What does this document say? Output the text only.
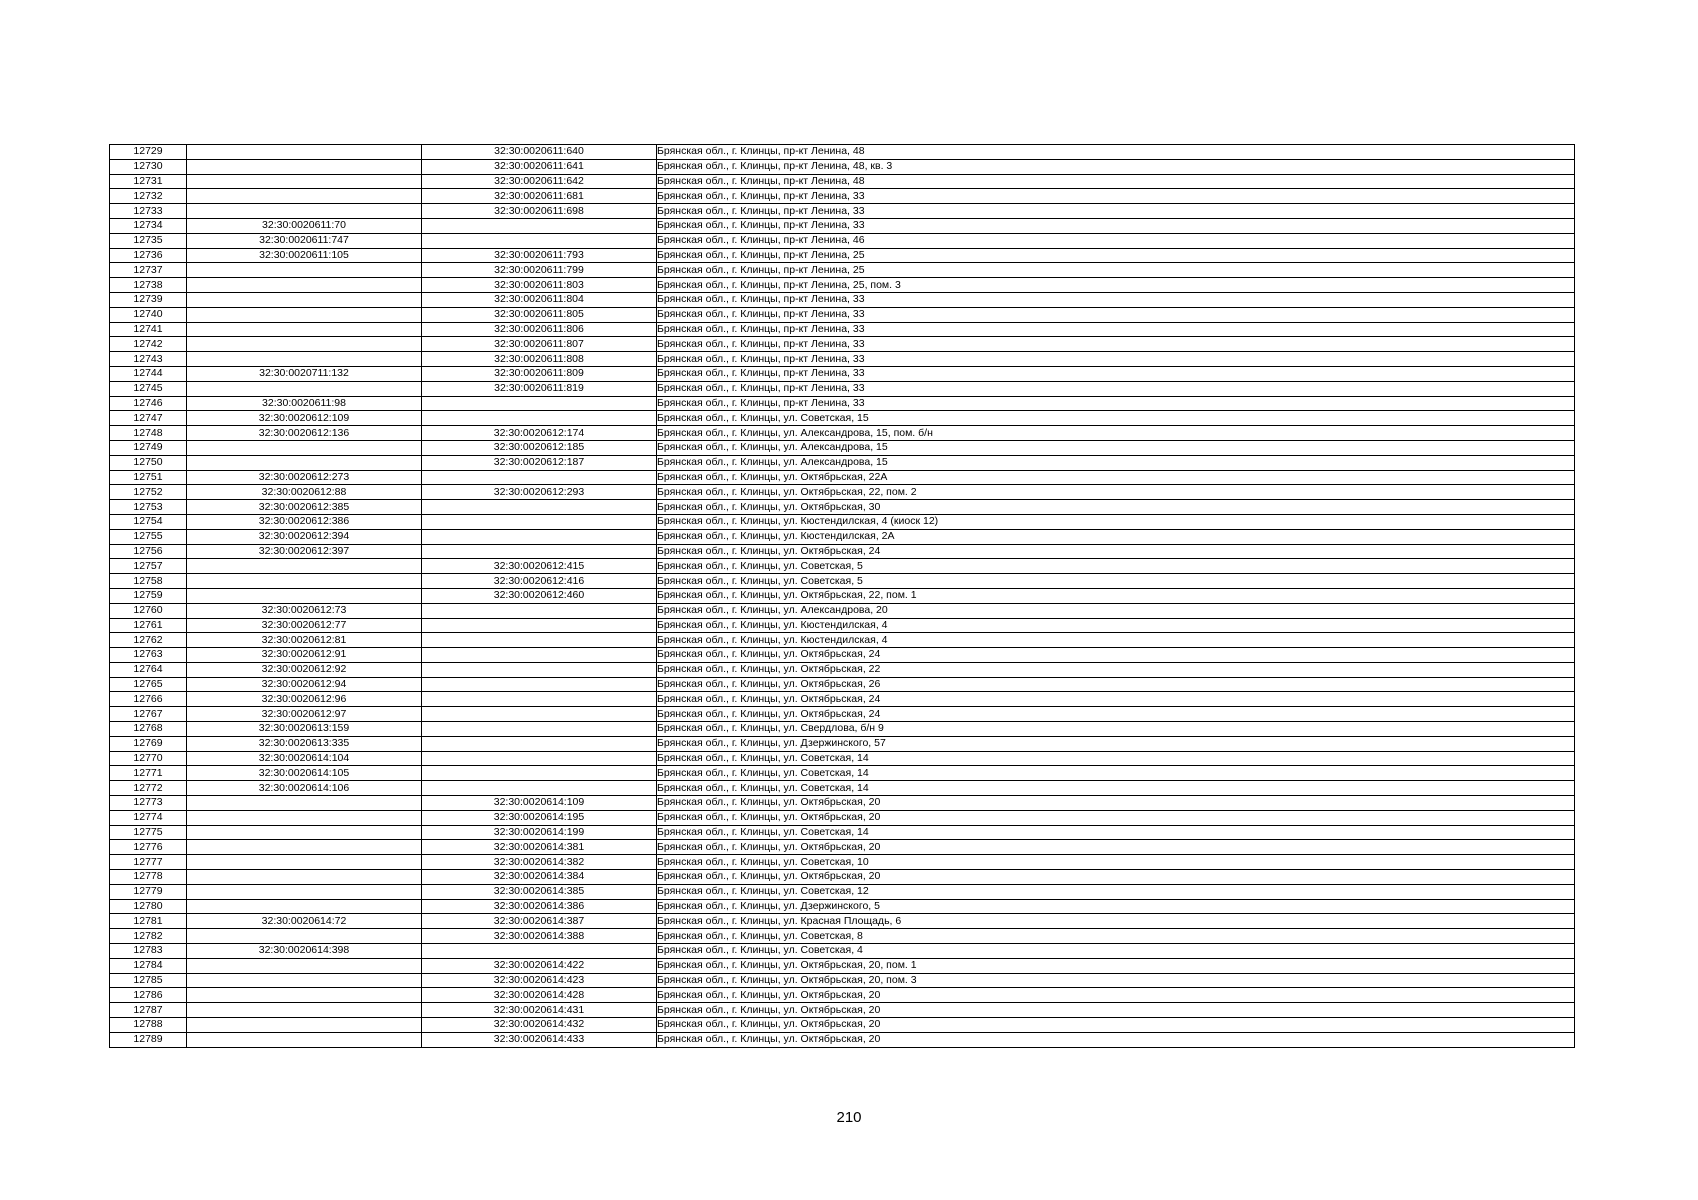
12729		32:30:0020611:640	Брянская обл., г. Клинцы, пр-кт Ленина, 48
12730		32:30:0020611:641	Брянская обл., г. Клинцы, пр-кт Ленина, 48, кв. 3
12731		32:30:0020611:642	Брянская обл., г. Клинцы, пр-кт Ленина, 48
12732		32:30:0020611:681	Брянская обл., г. Клинцы, пр-кт Ленина, 33
12733		32:30:0020611:698	Брянская обл., г. Клинцы, пр-кт Ленина, 33
12734	32:30:0020611:70		Брянская обл., г. Клинцы, пр-кт Ленина, 33
12735	32:30:0020611:747		Брянская обл., г. Клинцы, пр-кт Ленина, 46
12736	32:30:0020611:105	32:30:0020611:793	Брянская обл., г. Клинцы, пр-кт Ленина, 25
12737		32:30:0020611:799	Брянская обл., г. Клинцы, пр-кт Ленина, 25
12738		32:30:0020611:803	Брянская обл., г. Клинцы, пр-кт Ленина, 25, пом. 3
12739		32:30:0020611:804	Брянская обл., г. Клинцы, пр-кт Ленина, 33
12740		32:30:0020611:805	Брянская обл., г. Клинцы, пр-кт Ленина, 33
12741		32:30:0020611:806	Брянская обл., г. Клинцы, пр-кт Ленина, 33
12742		32:30:0020611:807	Брянская обл., г. Клинцы, пр-кт Ленина, 33
12743		32:30:0020611:808	Брянская обл., г. Клинцы, пр-кт Ленина, 33
12744	32:30:0020711:132	32:30:0020611:809	Брянская обл., г. Клинцы, пр-кт Ленина, 33
12745		32:30:0020611:819	Брянская обл., г. Клинцы, пр-кт Ленина, 33
12746	32:30:0020611:98		Брянская обл., г. Клинцы, пр-кт Ленина, 33
12747	32:30:0020612:109		Брянская обл., г. Клинцы, ул. Советская, 15
12748	32:30:0020612:136	32:30:0020612:174	Брянская обл., г. Клинцы, ул. Александрова, 15, пом. б/н
12749		32:30:0020612:185	Брянская обл., г. Клинцы, ул. Александрова, 15
12750		32:30:0020612:187	Брянская обл., г. Клинцы, ул. Александрова, 15
12751	32:30:0020612:273		Брянская обл., г. Клинцы, ул. Октябрьская, 22А
12752	32:30:0020612:88	32:30:0020612:293	Брянская обл., г. Клинцы, ул. Октябрьская, 22, пом. 2
12753	32:30:0020612:385		Брянская обл., г. Клинцы, ул. Октябрьская, 30
12754	32:30:0020612:386		Брянская обл., г. Клинцы, ул. Кюстендилская, 4 (киоск 12)
12755	32:30:0020612:394		Брянская обл., г. Клинцы, ул. Кюстендилская, 2А
12756	32:30:0020612:397		Брянская обл., г. Клинцы, ул. Октябрьская, 24
12757		32:30:0020612:415	Брянская обл., г. Клинцы, ул. Советская, 5
12758		32:30:0020612:416	Брянская обл., г. Клинцы, ул. Советская, 5
12759		32:30:0020612:460	Брянская обл., г. Клинцы, ул. Октябрьская, 22, пом. 1
12760	32:30:0020612:73		Брянская обл., г. Клинцы, ул. Александрова, 20
12761	32:30:0020612:77		Брянская обл., г. Клинцы, ул. Кюстендилская, 4
12762	32:30:0020612:81		Брянская обл., г. Клинцы, ул. Кюстендилская, 4
12763	32:30:0020612:91		Брянская обл., г. Клинцы, ул. Октябрьская, 24
12764	32:30:0020612:92		Брянская обл., г. Клинцы, ул. Октябрьская, 22
12765	32:30:0020612:94		Брянская обл., г. Клинцы, ул. Октябрьская, 26
12766	32:30:0020612:96		Брянская обл., г. Клинцы, ул. Октябрьская, 24
12767	32:30:0020612:97		Брянская обл., г. Клинцы, ул. Октябрьская, 24
12768	32:30:0020613:159		Брянская обл., г. Клинцы, ул. Свердлова, б/н 9
12769	32:30:0020613:335		Брянская обл., г. Клинцы, ул. Дзержинского, 57
12770	32:30:0020614:104		Брянская обл., г. Клинцы, ул. Советская, 14
12771	32:30:0020614:105		Брянская обл., г. Клинцы, ул. Советская, 14
12772	32:30:0020614:106		Брянская обл., г. Клинцы, ул. Советская, 14
12773		32:30:0020614:109	Брянская обл., г. Клинцы, ул. Октябрьская, 20
12774		32:30:0020614:195	Брянская обл., г. Клинцы, ул. Октябрьская, 20
12775		32:30:0020614:199	Брянская обл., г. Клинцы, ул. Советская, 14
12776		32:30:0020614:381	Брянская обл., г. Клинцы, ул. Октябрьская, 20
12777		32:30:0020614:382	Брянская обл., г. Клинцы, ул. Советская, 10
12778		32:30:0020614:384	Брянская обл., г. Клинцы, ул. Октябрьская, 20
12779		32:30:0020614:385	Брянская обл., г. Клинцы, ул. Советская, 12
12780		32:30:0020614:386	Брянская обл., г. Клинцы, ул. Дзержинского, 5
12781	32:30:0020614:72	32:30:0020614:387	Брянская обл., г. Клинцы, ул. Красная Площадь, 6
12782		32:30:0020614:388	Брянская обл., г. Клинцы, ул. Советская, 8
12783	32:30:0020614:398		Брянская обл., г. Клинцы, ул. Советская, 4
12784		32:30:0020614:422	Брянская обл., г. Клинцы, ул. Октябрьская, 20, пом. 1
12785		32:30:0020614:423	Брянская обл., г. Клинцы, ул. Октябрьская, 20, пом. 3
12786		32:30:0020614:428	Брянская обл., г. Клинцы, ул. Октябрьская, 20
12787		32:30:0020614:431	Брянская обл., г. Клинцы, ул. Октябрьская, 20
12788		32:30:0020614:432	Брянская обл., г. Клинцы, ул. Октябрьская, 20
12789		32:30:0020614:433	Брянская обл., г. Клинцы, ул. Октябрьская, 20
210
